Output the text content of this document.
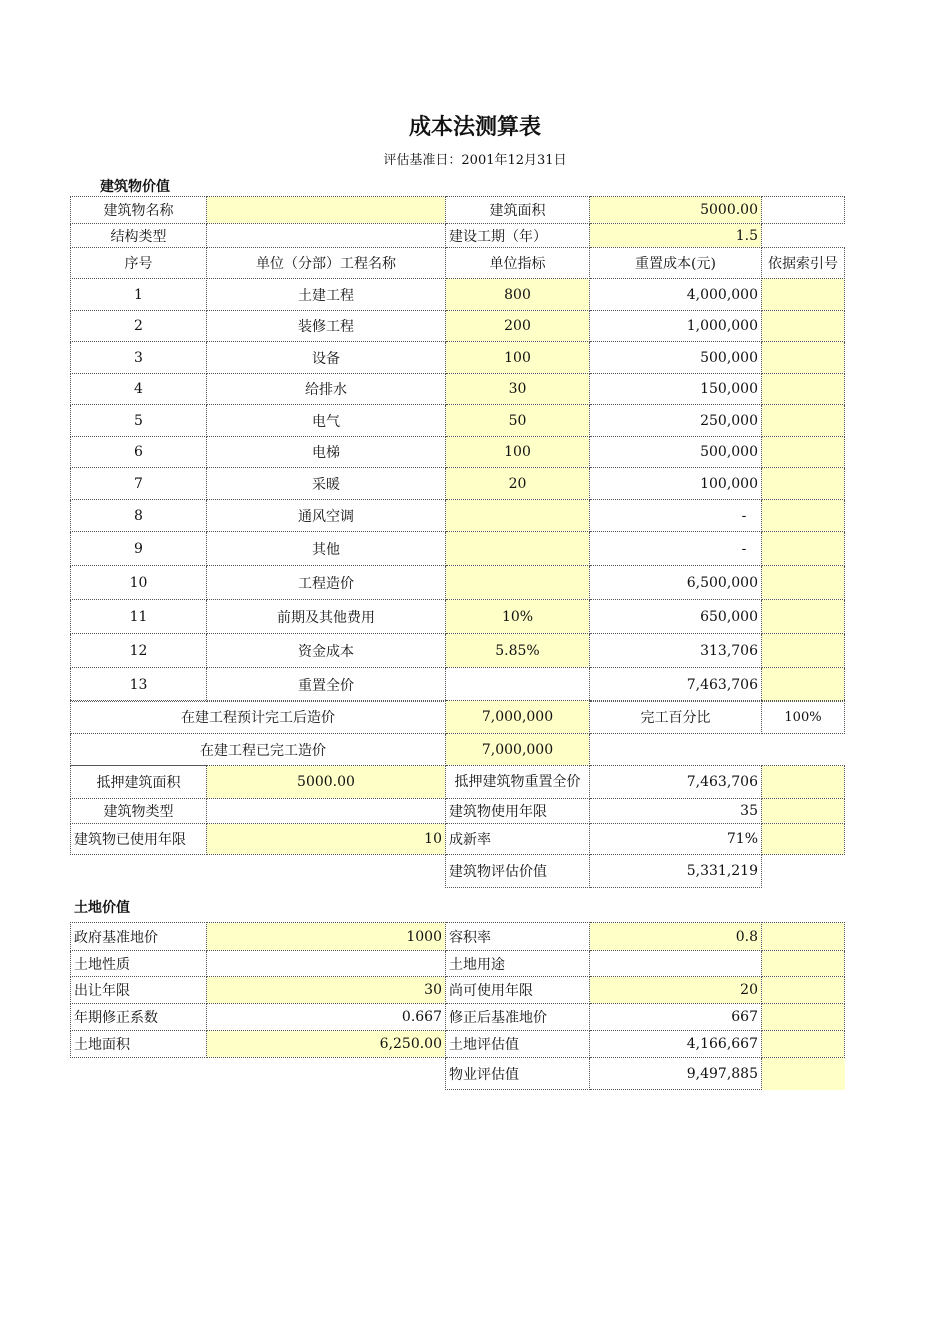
成本法测算表
评估基准日：2001年12月31日
建筑物价值
建筑物名称		建筑面积	5000.00	
结构类型		建设工期（年）	1.5	
序号	单位（分部）工程名称	单位指标	重置成本(元)	依据索引号
1	土建工程	800	4,000,000	
2	装修工程	200	1,000,000	
3	设备	100	500,000	
4	给排水	30	150,000	
5	电气	50	250,000	
6	电梯	100	500,000	
7	采暖	20	100,000	
8	通风空调		-	
9	其他		-	
10	工程造价		6,500,000	
11	前期及其他费用	10%	650,000	
12	资金成本	5.85%	313,706	
13	重置全价		7,463,706	
在建工程预计完工后造价	7,000,000	完工百分比	100%
在建工程已完工造价	7,000,000		
抵押建筑面积	5000.00	抵押建筑物重置全价	7,463,706	
建筑物类型		建筑物使用年限	35	
建筑物已使用年限	10	成新率	71%	
		建筑物评估价值	5,331,219	
土地价值
政府基准地价	1000	容积率	0.8	
土地性质		土地用途		
出让年限	30	尚可使用年限	20	
年期修正系数	0.667	修正后基准地价	667	
土地面积	6,250.00	土地评估值	4,166,667	
		物业评估值	9,497,885	
